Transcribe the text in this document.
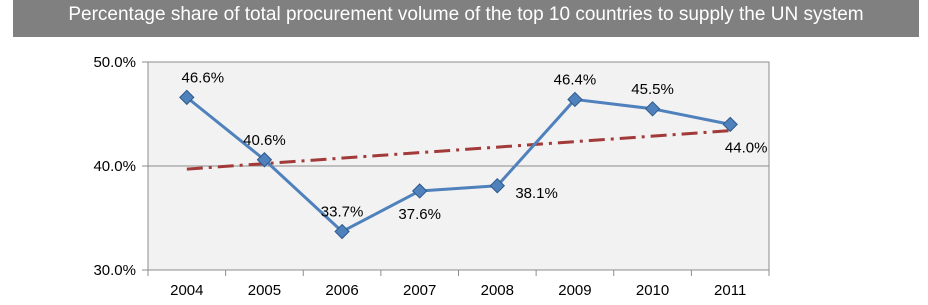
Percentage share of total procurement volume of the top 10 countries to supply the UN system
30.0%
40.0%
50.0%
2004	2005	2006	2007	2008	2009	2010	2011
46.6%
40.6%
33.7% 37.6%
38.1%
46.4%
45.5%
44.0%
